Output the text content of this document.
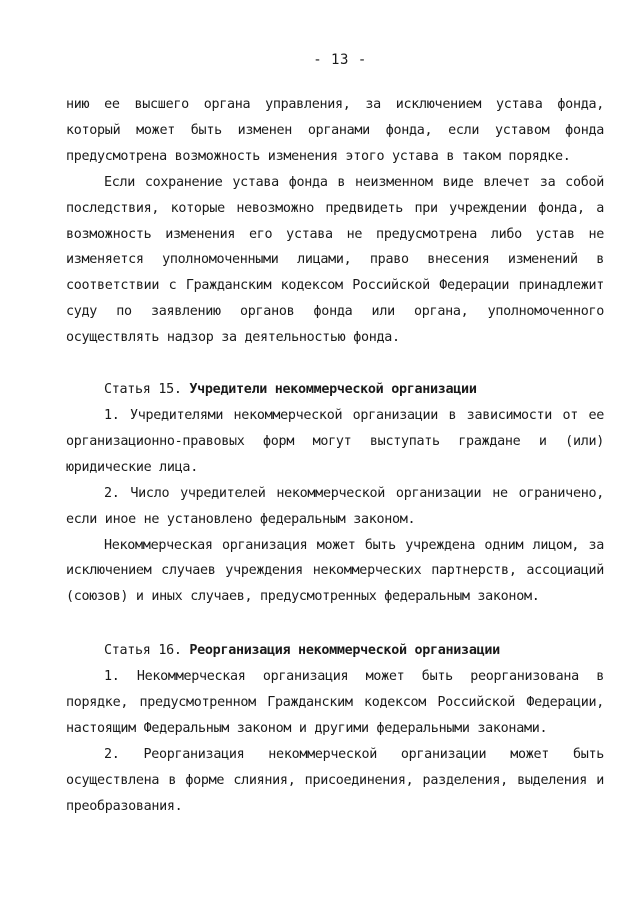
- 13 -

нию ее высшего органа управления, за исключением устава фонда, который может быть изменен органами фонда, если уставом фонда предусмотрена возможность изменения этого устава в таком порядке.

Если сохранение устава фонда в неизменном виде влечет за собой последствия, которые невозможно предвидеть при учреждении фонда, а возможность изменения его устава не предусмотрена либо устав не изменяется уполномоченными лицами, право внесения изменений в соответствии с Гражданским кодексом Российской Федерации принадлежит суду по заявлению органов фонда или органа, уполномоченного осуществлять надзор за деятельностью фонда.

Статья 15. Учредители некоммерческой организации

1. Учредителями некоммерческой организации в зависимости от ее организационно-правовых форм могут выступать граждане и (или) юридические лица.

2. Число учредителей некоммерческой организации не ограничено, если иное не установлено федеральным законом.

Некоммерческая организация может быть учреждена одним лицом, за исключением случаев учреждения некоммерческих партнерств, ассоциаций (союзов) и иных случаев, предусмотренных федеральным законом.

Статья 16. Реорганизация некоммерческой организации

1. Некоммерческая организация может быть реорганизована в порядке, предусмотренном Гражданским кодексом Российской Федерации, настоящим Федеральным законом и другими федеральными законами.

2. Реорганизация некоммерческой организации может быть осуществлена в форме слияния, присоединения, разделения, выделения и преобразования.
